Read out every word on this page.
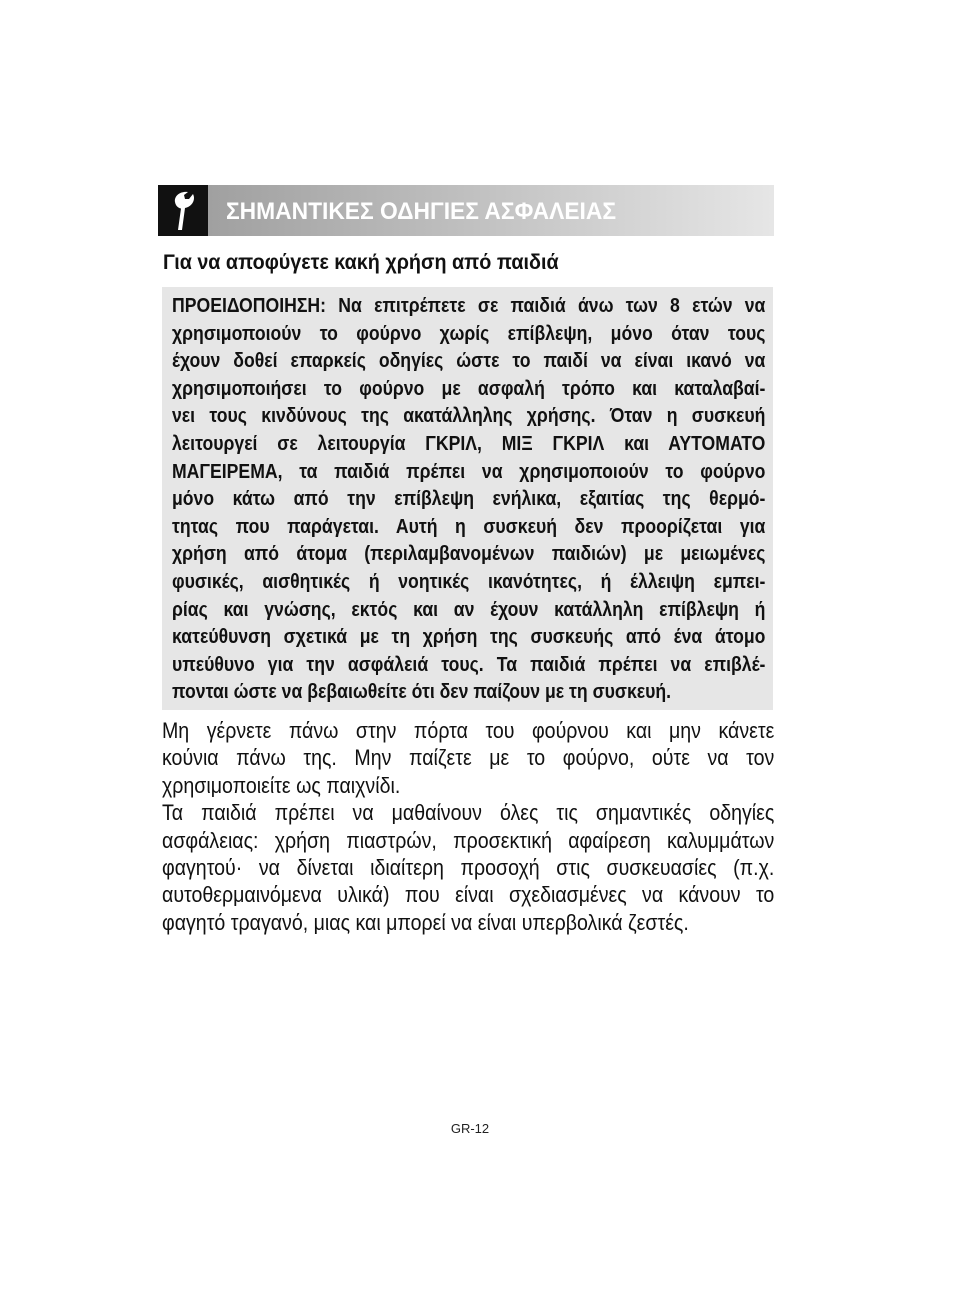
ΣΗΜΑΝΤΙΚΕΣ ΟΔΗΓΙΕΣ ΑΣΦΑΛΕΙΑΣ
Για να αποφύγετε κακή χρήση από παιδιά
ΠΡΟΕΙΔΟΠΟΙΗΣΗ: Να επιτρέπετε σε παιδιά άνω των 8 ετών να
χρησιμοποιούν το φούρνο χωρίς επίβλεψη, μόνο όταν τους
έχουν δοθεί επαρκείς οδηγίες ώστε το παιδί να είναι ικανό να
χρησιμοποιήσει το φούρνο με ασφαλή τρόπο και καταλαβαί-
νει τους κινδύνους της ακατάλληλης χρήσης. Όταν η συσκευή
λειτουργεί σε λειτουργία ΓΚΡΙΛ, ΜΙΞ ΓΚΡΙΛ και ΑΥΤΟΜΑΤΟ
ΜΑΓΕΙΡΕΜΑ, τα παιδιά πρέπει να χρησιμοποιούν το φούρνο
μόνο κάτω από την επίβλεψη ενήλικα, εξαιτίας της θερμό-
τητας που παράγεται. Αυτή η συσκευή δεν προορίζεται για
χρήση από άτομα (περιλαμβανομένων παιδιών) με μειωμένες
φυσικές, αισθητικές ή νοητικές ικανότητες, ή έλλειψη εμπει-
ρίας και γνώσης, εκτός και αν έχουν κατάλληλη επίβλεψη ή
κατεύθυνση σχετικά με τη χρήση της συσκευής από ένα άτομο
υπεύθυνο για την ασφάλειά τους. Τα παιδιά πρέπει να επιβλέ-
πονται ώστε να βεβαιωθείτε ότι δεν παίζουν με τη συσκευή.
Μη γέρνετε πάνω στην πόρτα του φούρνου και μην κάνετε
κούνια πάνω της. Μην παίζετε με το φούρνο, ούτε να τον
χρησιμοποιείτε ως παιχνίδι.
Τα παιδιά πρέπει να μαθαίνουν όλες τις σημαντικές οδηγίες
ασφάλειας: χρήση πιαστρών, προσεκτική αφαίρεση καλυμμάτων
φαγητού· να δίνεται ιδιαίτερη προσοχή στις συσκευασίες (π.χ.
αυτοθερμαινόμενα υλικά) που είναι σχεδιασμένες να κάνουν το
φαγητό τραγανό, μιας και μπορεί να είναι υπερβολικά ζεστές.
GR-12
